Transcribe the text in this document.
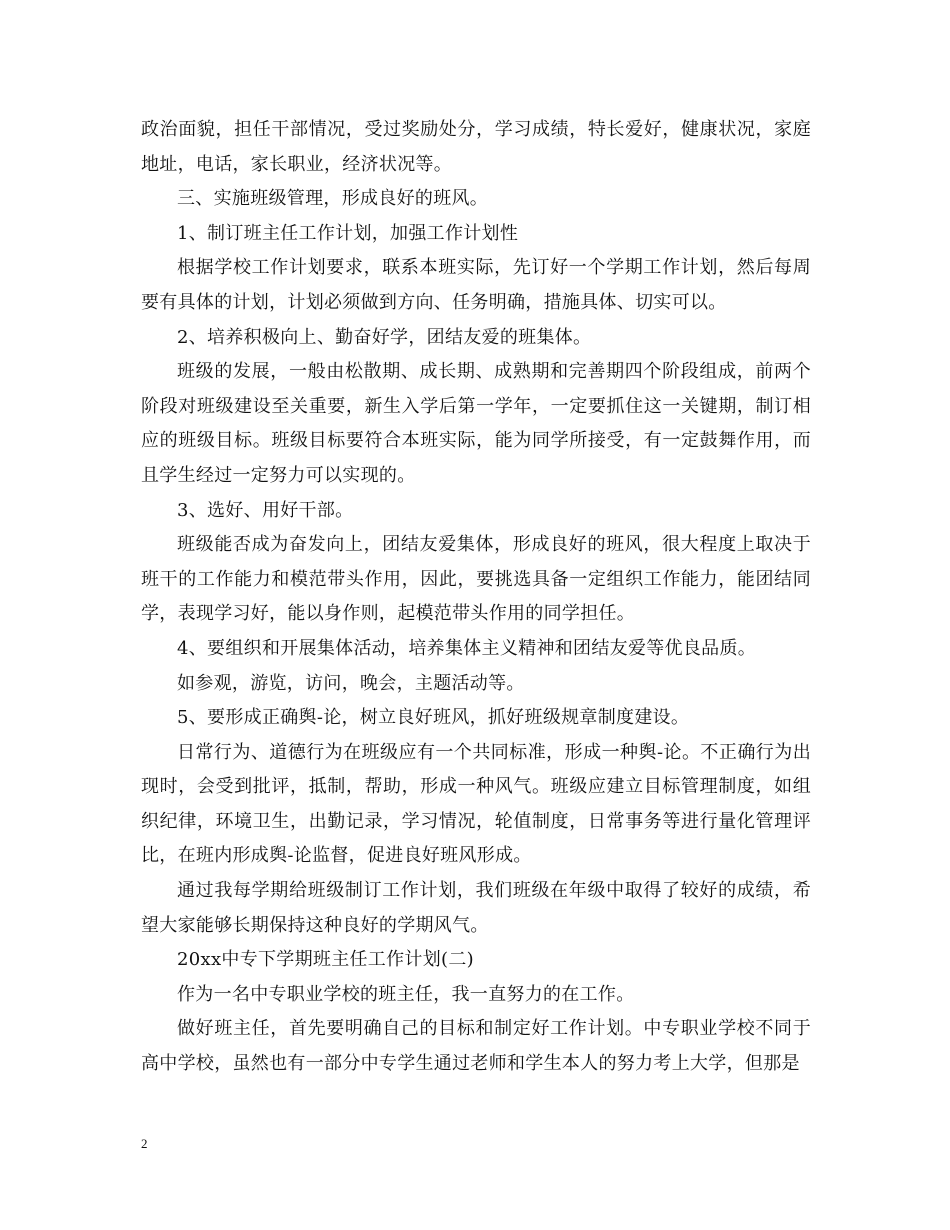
政治面貌，担任干部情况，受过奖励处分，学习成绩，特长爱好，健康状况，家庭地址，电话，家长职业，经济状况等。

三、实施班级管理，形成良好的班风。

1、制订班主任工作计划，加强工作计划性

根据学校工作计划要求，联系本班实际，先订好一个学期工作计划，然后每周要有具体的计划，计划必须做到方向、任务明确，措施具体、切实可以。

2、培养积极向上、勤奋好学，团结友爱的班集体。

班级的发展，一般由松散期、成长期、成熟期和完善期四个阶段组成，前两个阶段对班级建设至关重要，新生入学后第一学年，一定要抓住这一关键期，制订相应的班级目标。班级目标要符合本班实际，能为同学所接受，有一定鼓舞作用，而且学生经过一定努力可以实现的。

3、选好、用好干部。

班级能否成为奋发向上，团结友爱集体，形成良好的班风，很大程度上取决于班干的工作能力和模范带头作用，因此，要挑选具备一定组织工作能力，能团结同学，表现学习好，能以身作则，起模范带头作用的同学担任。

4、要组织和开展集体活动，培养集体主义精神和团结友爱等优良品质。

如参观，游览，访问，晚会，主题活动等。

5、要形成正确舆-论，树立良好班风，抓好班级规章制度建设。

日常行为、道德行为在班级应有一个共同标准，形成一种舆-论。不正确行为出现时，会受到批评，抵制，帮助，形成一种风气。班级应建立目标管理制度，如组织纪律，环境卫生，出勤记录，学习情况，轮值制度，日常事务等进行量化管理评比，在班内形成舆-论监督，促进良好班风形成。

通过我每学期给班级制订工作计划，我们班级在年级中取得了较好的成绩，希望大家能够长期保持这种良好的学期风气。

20xx中专下学期班主任工作计划(二)

作为一名中专职业学校的班主任，我一直努力的在工作。

做好班主任，首先要明确自己的目标和制定好工作计划。中专职业学校不同于高中学校，虽然也有一部分中专学生通过老师和学生本人的努力考上大学，但那是

2
